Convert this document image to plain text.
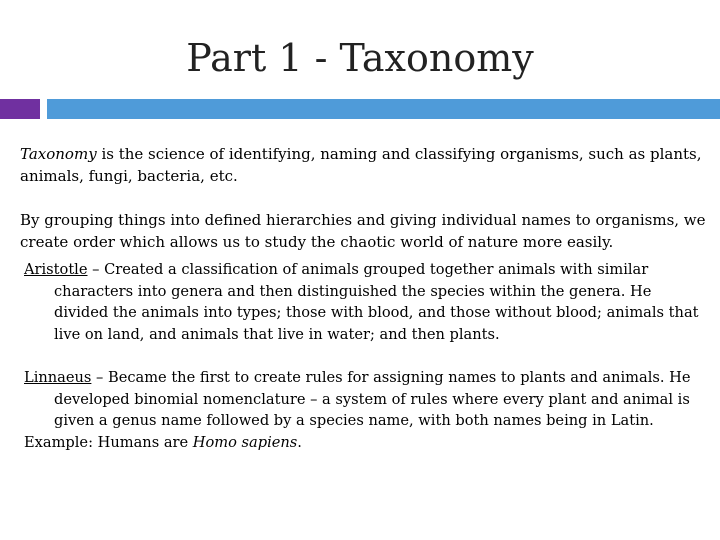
Part 1 - Taxonomy

Taxonomy is the science of identifying, naming and classifying organisms, such as plants, animals, fungi, bacteria, etc.

By grouping things into defined hierarchies and giving individual names to organisms, we create order which allows us to study the chaotic world of nature more easily.

Aristotle – Created a classification of animals grouped together animals with similar characters into genera and then distinguished the species within the genera. He divided the animals into types; those with blood, and those without blood; animals that live on land, and animals that live in water; and then plants.

Linnaeus – Became the first to create rules for assigning names to plants and animals. He developed binomial nomenclature – a system of rules where every plant and animal is given a genus name followed by a species name, with both names being in Latin.

Example: Humans are Homo sapiens.
